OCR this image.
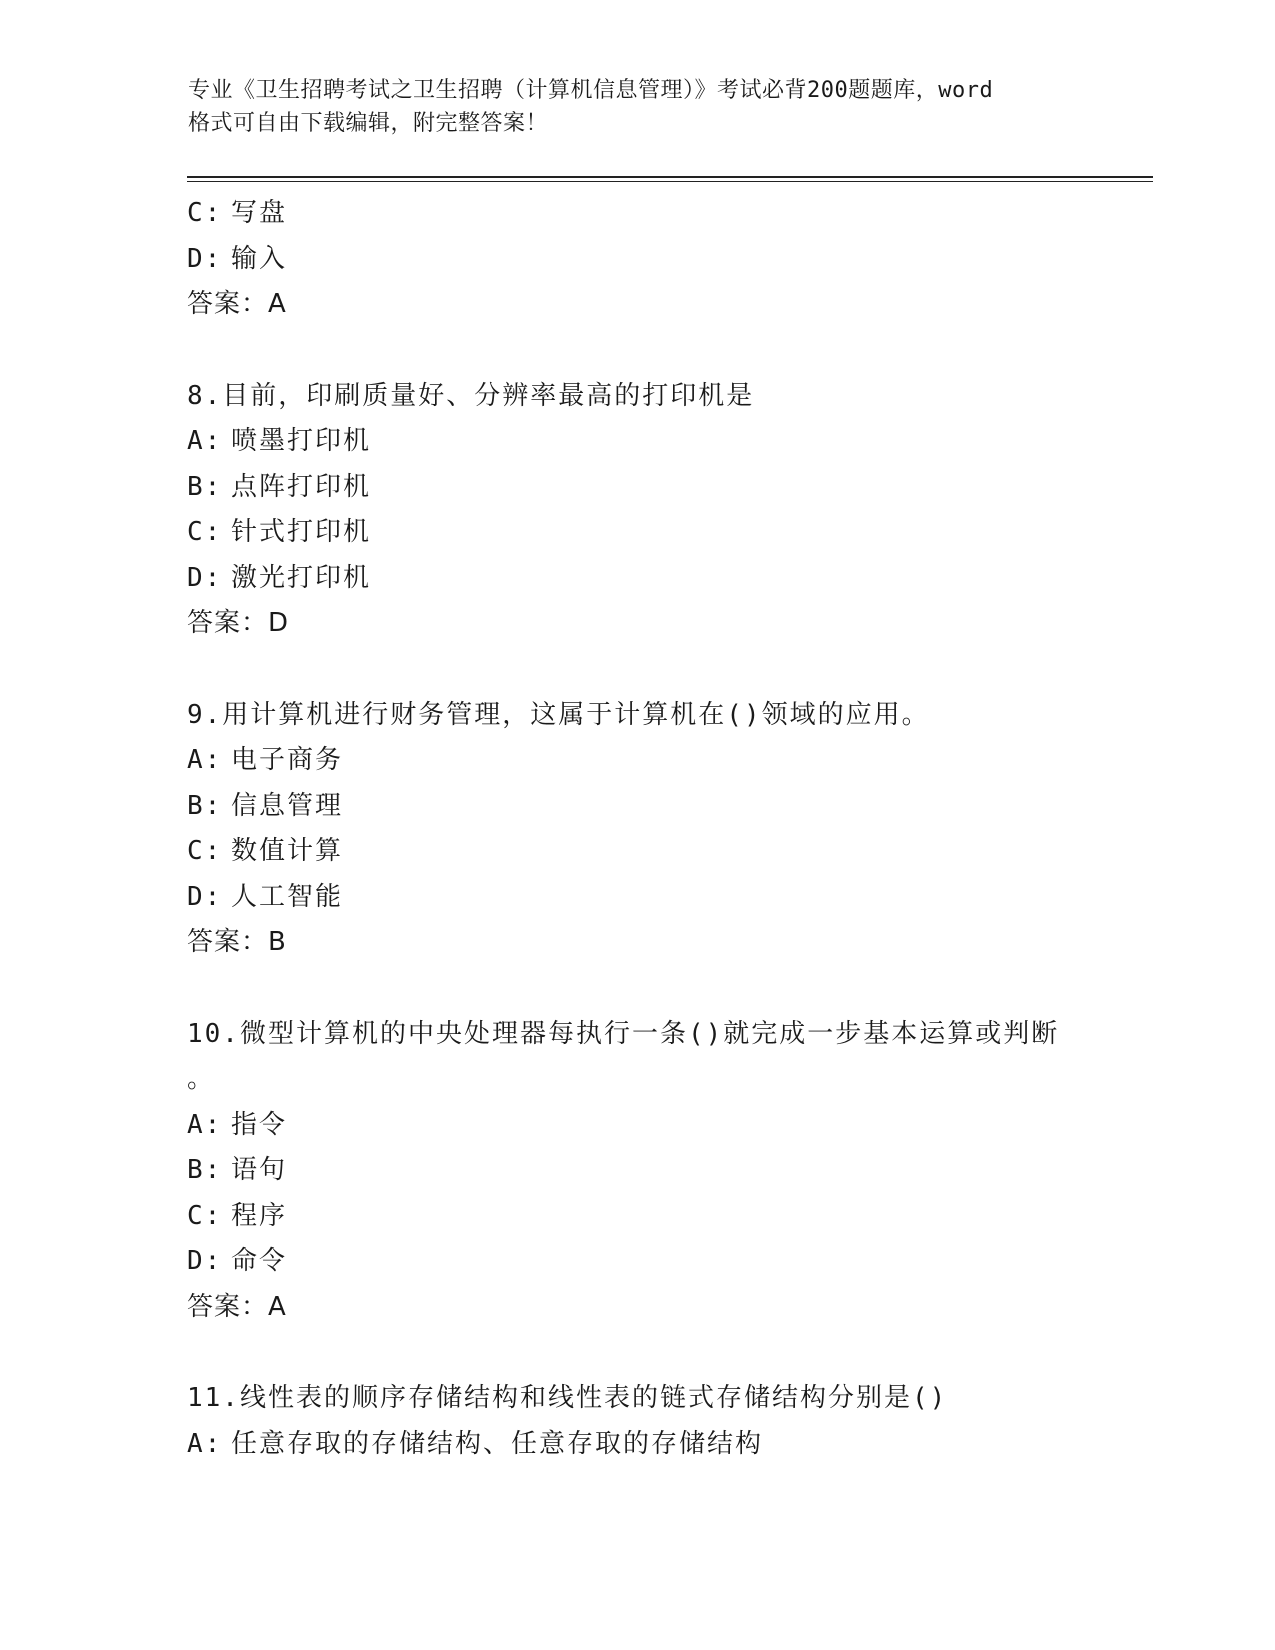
专业《卫生招聘考试之卫生招聘（计算机信息管理）》考试必背200题题库，word
格式可自由下载编辑，附完整答案！
C: 写盘
D: 输入
答案：A
8.目前，印刷质量好、分辨率最高的打印机是
A: 喷墨打印机
B: 点阵打印机
C: 针式打印机
D: 激光打印机
答案：D
9.用计算机进行财务管理，这属于计算机在()领域的应用。
A: 电子商务
B: 信息管理
C: 数值计算
D: 人工智能
答案：B
10.微型计算机的中央处理器每执行一条()就完成一步基本运算或判断
。
A: 指令
B: 语句
C: 程序
D: 命令
答案：A
11.线性表的顺序存储结构和线性表的链式存储结构分别是()
A: 任意存取的存储结构、任意存取的存储结构
